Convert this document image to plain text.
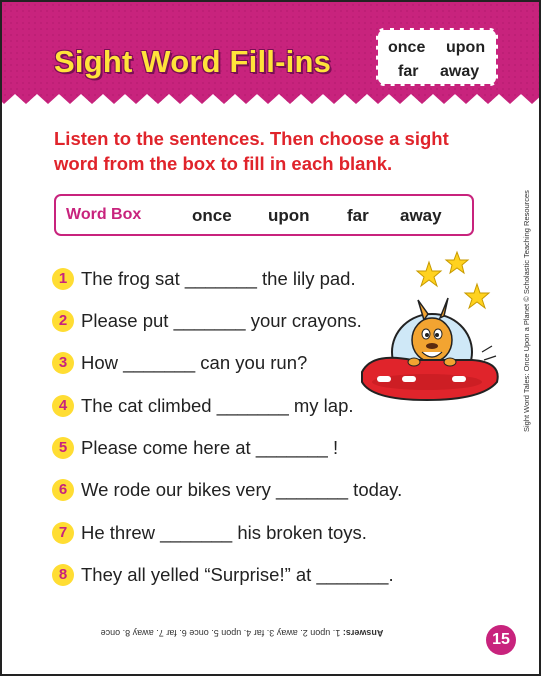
Sight Word Fill-ins	once upon
far away
Listen to the sentences. Then choose a sight word from the box to fill in each blank.
Word Box	once upon far away
1 The frog sat _______ the lily pad.
2 Please put _______ your crayons.
3 How _______ can you run?
4 The cat climbed _______ my lap.
5 Please come here at _______ !
6 We rode our bikes very _______ today.
7 He threw _______ his broken toys.
8 They all yelled “Surprise!” at _______.
Answers: 1. upon 2. away 3. far 4. upon 5. once 6. far 7. away 8. once	15
Sight Word Tales: Once Upon a Planet © Scholastic Teaching Resources
